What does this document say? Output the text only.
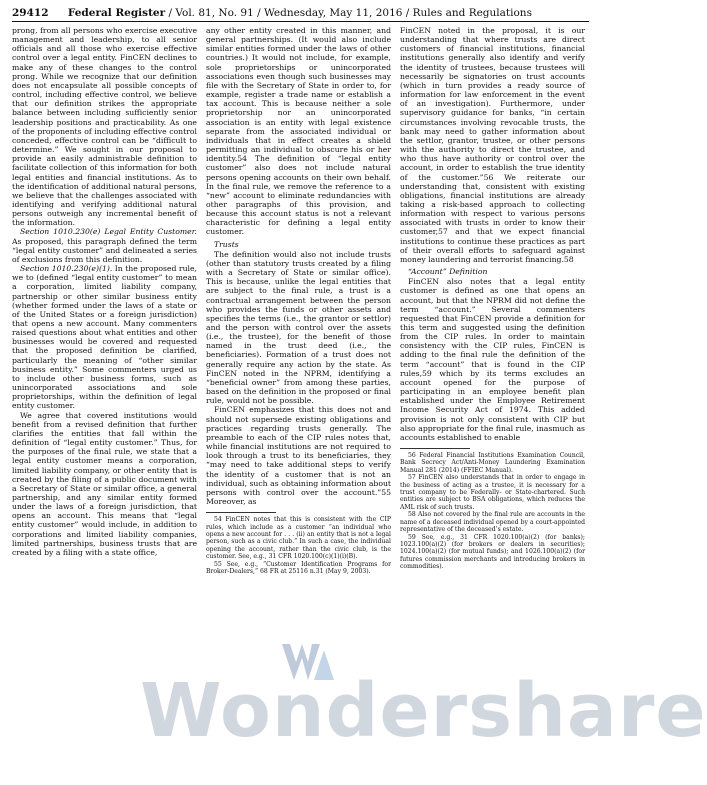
29412 Federal Register / Vol. 81, No. 91 / Wednesday, May 11, 2016 / Rules and Regulations

prong, from all persons who exercise executive management and leadership, to all senior officials and all those who exercise effective control over a legal entity. FinCEN declines to make any of these changes to the control prong. While we recognize that our definition does not encapsulate all possible concepts of control, including effective control, we believe that our definition strikes the appropriate balance between including sufficiently senior leadership positions and practicability. As one of the proponents of including effective control conceded, effective control can be “difficult to determine.” We sought in our proposal to provide an easily administrable definition to facilitate collection of this information for both legal entities and financial institutions. As to the identification of additional natural persons, we believe that the challenges associated with identifying and verifying additional natural persons outweigh any incremental benefit of the information.

Section 1010.230(e) Legal Entity Customer. As proposed, this paragraph defined the term “legal entity customer” and delineated a series of exclusions from this definition.

Section 1010.230(e)(1). In the proposed rule, we to (defined “legal entity customer” to mean a corporation, limited liability company, partnership or other similar business entity (whether formed under the laws of a state or of the United States or a foreign jurisdiction) that opens a new account. Many commenters raised questions about what entities and other businesses would be covered and requested that the proposed definition be clarified, particularly the meaning of “other similar business entity.” Some commenters urged us to include other business forms, such as unincorporated associations and sole proprietorships, within the definition of legal entity customer.

We agree that covered institutions would benefit from a revised definition that further clarifies the entities that fall within the definition of “legal entity customer.” Thus, for the purposes of the final rule, we state that a legal entity customer means a corporation, limited liability company, or other entity that is created by the filing of a public document with a Secretary of State or similar office, a general partnership, and any similar entity formed under the laws of a foreign jurisdiction, that opens an account. This means that “legal entity customer” would include, in addition to corporations and limited liability companies, limited partnerships, business trusts that are created by a filing with a state office,

any other entity created in this manner, and general partnerships. (It would also include similar entities formed under the laws of other countries.) It would not include, for example, sole proprietorships or unincorporated associations even though such businesses may file with the Secretary of State in order to, for example, register a trade name or establish a tax account. This is because neither a sole proprietorship nor an unincorporated association is an entity with legal existence separate from the associated individual or individuals that in effect creates a shield permitting an individual to obscure his or her identity.54 The definition of “legal entity customer” also does not include natural persons opening accounts on their own behalf. In the final rule, we remove the reference to a “new” account to eliminate redundancies with other paragraphs of this provision, and because this account status is not a relevant characteristic for defining a legal entity customer.

Trusts

The definition would also not include trusts (other than statutory trusts created by a filing with a Secretary of State or similar office). This is because, unlike the legal entities that are subject to the final rule, a trust is a contractual arrangement between the person who provides the funds or other assets and specifies the terms (i.e., the grantor or settlor) and the person with control over the assets (i.e., the trustee), for the benefit of those named in the trust deed (i.e., the beneficiaries). Formation of a trust does not generally require any action by the state. As FinCEN noted in the NPRM, identifying a “beneficial owner” from among these parties, based on the definition in the proposed or final rule, would not be possible.

FinCEN emphasizes that this does not and should not supersede existing obligations and practices regarding trusts generally. The preamble to each of the CIP rules notes that, while financial institutions are not required to look through a trust to its beneficiaries, they “may need to take additional steps to verify the identity of a customer that is not an individual, such as obtaining information about persons with control over the account.”55 Moreover, as

54 FinCEN notes that this is consistent with the CIP rules, which include as a customer “an individual who opens a new account for . . . (ii) an entity that is not a legal person, such as a civic club.” In such a case, the individual opening the account, rather than the civic club, is the customer. See, e.g., 31 CFR 1020.100(c)(1)(i)(B).

55 See, e.g., “Customer Identification Programs for Broker-Dealers,” 68 FR at 25116 n.31 (May 9, 2003).

FinCEN noted in the proposal, it is our understanding that where trusts are direct customers of financial institutions, financial institutions generally also identify and verify the identity of trustees, because trustees will necessarily be signatories on trust accounts (which in turn provides a ready source of information for law enforcement in the event of an investigation). Furthermore, under supervisory guidance for banks, “in certain circumstances involving revocable trusts, the bank may need to gather information about the settlor, grantor, trustee, or other persons with the authority to direct the trustee, and who thus have authority or control over the account, in order to establish the true identity of the customer.”56 We reiterate our understanding that, consistent with existing obligations, financial institutions are already taking a risk-based approach to collecting information with respect to various persons associated with trusts in order to know their customer,57 and that we expect financial institutions to continue these practices as part of their overall efforts to safeguard against money laundering and terrorist financing.58

“Account” Definition

FinCEN also notes that a legal entity customer is defined as one that opens an account, but that the NPRM did not define the term “account.” Several commenters requested that FinCEN provide a definition for this term and suggested using the definition from the CIP rules. In order to maintain consistency with the CIP rules, FinCEN is adding to the final rule the definition of the term “account” that is found in the CIP rules,59 which by its terms excludes an account opened for the purpose of participating in an employee benefit plan established under the Employee Retirement Income Security Act of 1974. This added provision is not only consistent with CIP but also appropriate for the final rule, inasmuch as accounts established to enable

56 Federal Financial Institutions Examination Council, Bank Secrecy Act/Anti-Money Laundering Examination Manual 281 (2014) (FFIEC Manual).

57 FinCEN also understands that in order to engage in the business of acting as a trustee, it is necessary for a trust company to be Federally- or State-chartered. Such entities are subject to BSA obligations, which reduces the AML risk of such trusts.

58 Also not covered by the final rule are accounts in the name of a deceased individual opened by a court-appointed representative of the deceased’s estate.

59 See, e.g., 31 CFR 1020.100(a)(2) (for banks); 1023.100(a)(2) (for brokers or dealers in securities); 1024.100(a)(2) (for mutual funds); and 1026.100(a)(2) (for futures commission merchants and introducing brokers in commodities).

Wondershare
